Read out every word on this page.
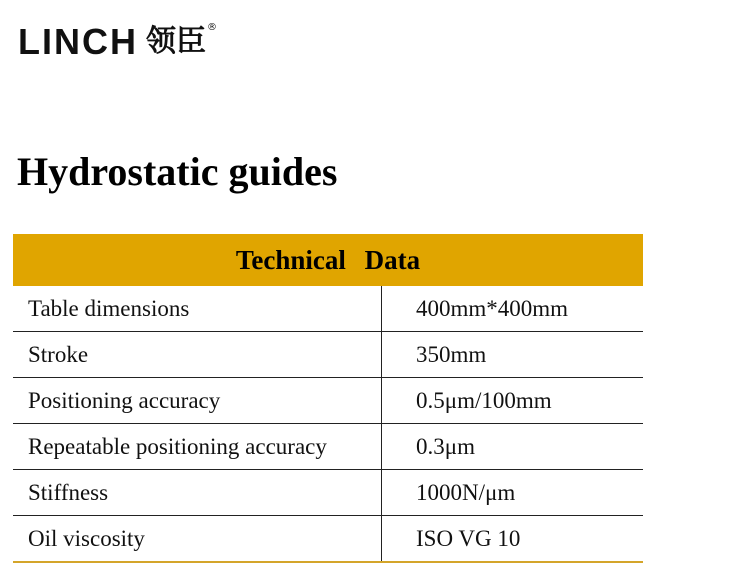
LINCH 领臣 ®
Hydrostatic guides
Technical Data	
Table dimensions	400mm*400mm
Stroke	350mm
Positioning accuracy	0.5μm/100mm
Repeatable positioning accuracy	0.3μm
Stiffness	1000N/μm
Oil viscosity	ISO VG 10
